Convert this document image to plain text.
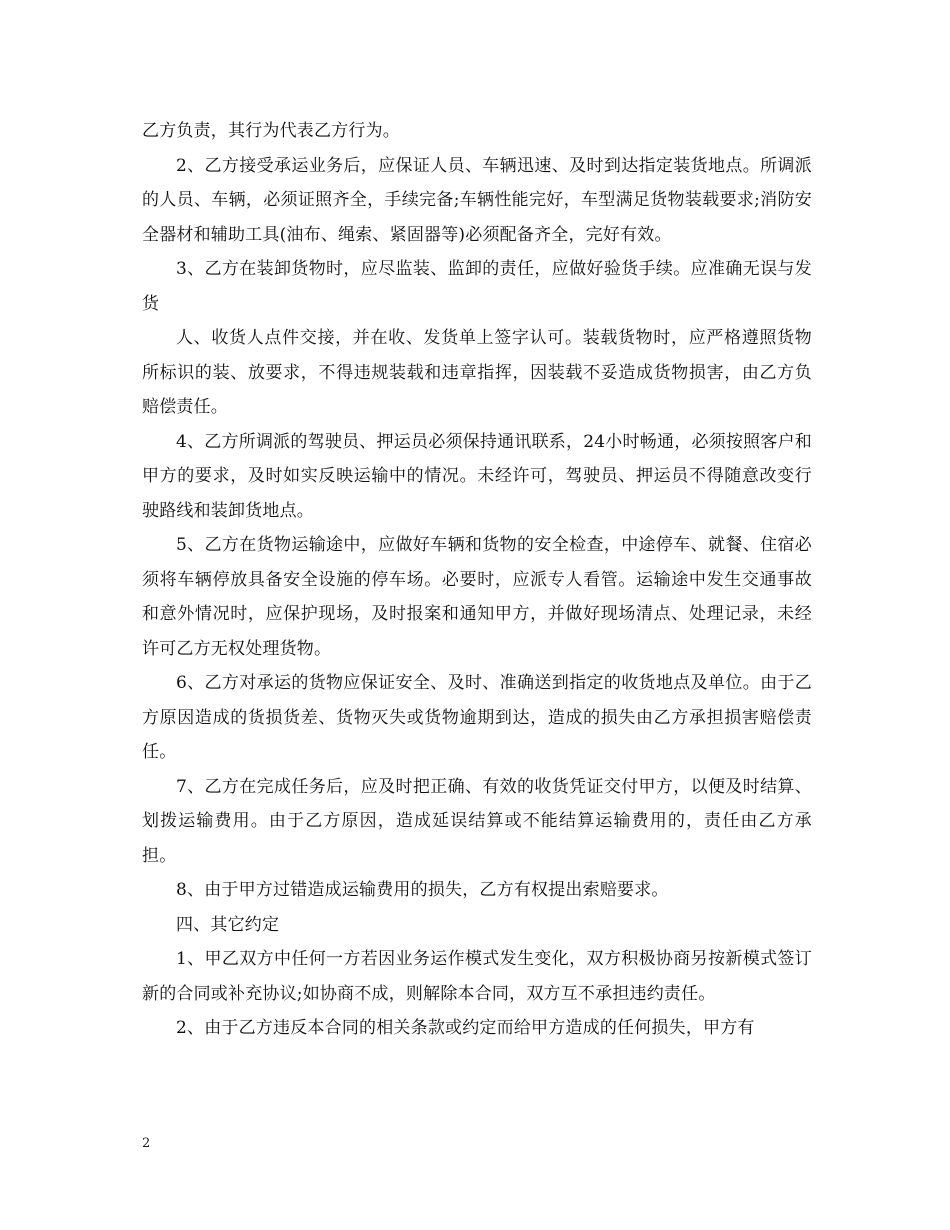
乙方负责，其行为代表乙方行为。

2、乙方接受承运业务后，应保证人员、车辆迅速、及时到达指定装货地点。所调派的人员、车辆，必须证照齐全，手续完备;车辆性能完好，车型满足货物装载要求;消防安全器材和辅助工具(油布、绳索、紧固器等)必须配备齐全，完好有效。

3、乙方在装卸货物时，应尽监装、监卸的责任，应做好验货手续。应准确无误与发货

人、收货人点件交接，并在收、发货单上签字认可。装载货物时，应严格遵照货物所标识的装、放要求，不得违规装载和违章指挥，因装载不妥造成货物损害，由乙方负赔偿责任。

4、乙方所调派的驾驶员、押运员必须保持通讯联系，24小时畅通，必须按照客户和甲方的要求，及时如实反映运输中的情况。未经许可，驾驶员、押运员不得随意改变行驶路线和装卸货地点。

5、乙方在货物运输途中，应做好车辆和货物的安全检查，中途停车、就餐、住宿必须将车辆停放具备安全设施的停车场。必要时，应派专人看管。运输途中发生交通事故和意外情况时，应保护现场，及时报案和通知甲方，并做好现场清点、处理记录，未经许可乙方无权处理货物。

6、乙方对承运的货物应保证安全、及时、准确送到指定的收货地点及单位。由于乙方原因造成的货损货差、货物灭失或货物逾期到达，造成的损失由乙方承担损害赔偿责任。

7、乙方在完成任务后，应及时把正确、有效的收货凭证交付甲方，以便及时结算、划拨运输费用。由于乙方原因，造成延误结算或不能结算运输费用的，责任由乙方承担。

8、由于甲方过错造成运输费用的损失，乙方有权提出索赔要求。

四、其它约定

1、甲乙双方中任何一方若因业务运作模式发生变化，双方积极协商另按新模式签订新的合同或补充协议;如协商不成，则解除本合同，双方互不承担违约责任。

2、由于乙方违反本合同的相关条款或约定而给甲方造成的任何损失，甲方有

2
